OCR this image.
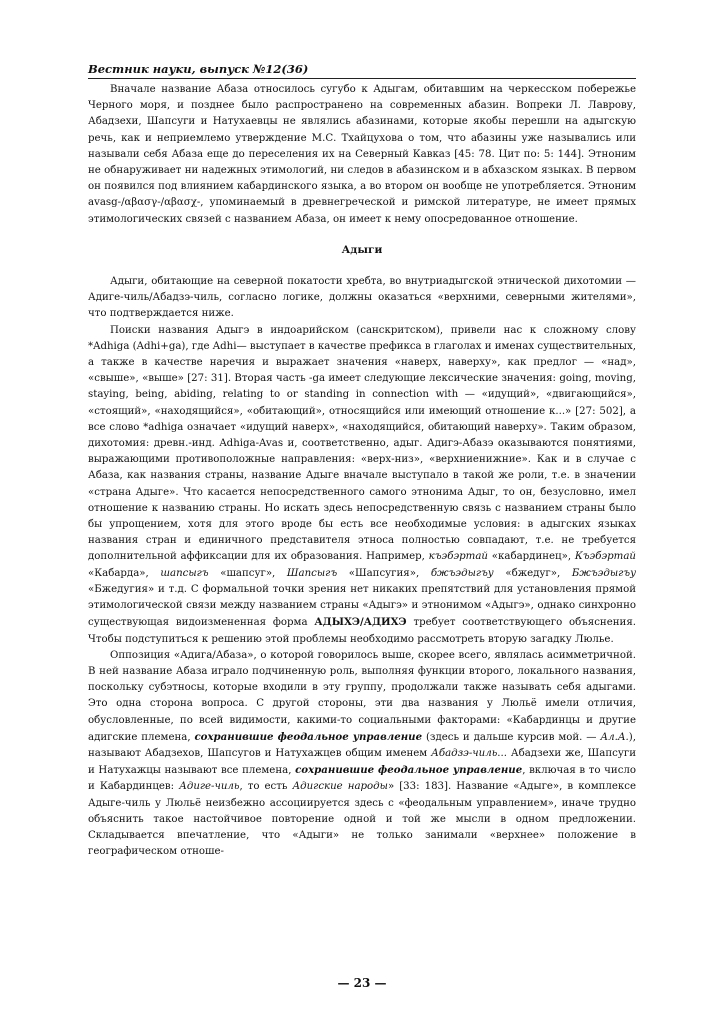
Вестник науки, выпуск №12(36)

Вначале название Абаза относилось сугубо к Адыгам, обитавшим на черкесском побережье Черного моря, и позднее было распространено на современных абазин. Вопреки Л. Лаврову, Абадзехи, Шапсуги и Натухаевцы не являлись абазинами, которые якобы перешли на адыгскую речь, как и неприемлемо утверждение М.С. Тхайцухова о том, что абазины уже назывались или называли себя Абаза еще до переселения их на Северный Кавказ [45: 78. Цит по: 5: 144]. Этноним не обнаруживает ни надежных этимологий, ни следов в абазинском и в абхазском языках. В первом он появился под влиянием кабардинского языка, а во втором он вообще не употребляется. Этноним avasg-/αβασγ-/αβασχ-, упоминаемый в древнегреческой и римской литературе, не имеет прямых этимологических связей с названием Абаза, он имеет к нему опосредованное отношение.

Адыги

Адыги, обитающие на северной покатости хребта, во внутриадыгской этнической дихотомии — Адиге-чиль/Абадзэ-чиль, согласно логике, должны оказаться «верхними, северными жителями», что подтверждается ниже.

Поиски названия Адыгэ в индоарийском (санскритском), привели нас к сложному слову *Adhiga (Adhi+ga), где Adhi— выступает в качестве префикса в глаголах и именах существительных, а также в качестве наречия и выражает значения «наверх, наверху», как предлог — «над», «свыше», «выше» [27: 31]. Вторая часть -ga имеет следующие лексические значения: going, moving, staying, being, abiding, relating to or standing in connection with — «идущий», «двигающийся», «стоящий», «находящийся», «обитающий», относящийся или имеющий отношение к...» [27: 502], а все слово *adhiga означает «идущий наверх», «находящийся, обитающий наверху». Таким образом, дихотомия: древн.-инд. Adhiga-Avas и, соответственно, адыг. Адигэ-Абазэ оказываются понятиями, выражающими противоположные направления: «верх-низ», «верхниенижние». Как и в случае с Абаза, как названия страны, название Адыге вначале выступало в такой же роли, т.е. в значении «страна Адыге». Что касается непосредственного самого этнонима Адыг, то он, безусловно, имел отношение к названию страны. Но искать здесь непосредственную связь с названием страны было бы упрощением, хотя для этого вроде бы есть все необходимые условия: в адыгских языках названия стран и единичного представителя этноса полностью совпадают, т.е. не требуется дополнительной аффиксации для их образования. Например, къэбэртай «кабардинец», Къэбэртай «Кабарда», шапсыгъ «шапсуг», Шапсыгъ «Шапсугия», бжъэдыгъу «бжедуг», Бжъэдыгъу «Бжедугия» и т.д. С формальной точки зрения нет никаких препятствий для установления прямой этимологической связи между названием страны «Адыгэ» и этнонимом «Адыгэ», однако синхронно существующая видоизмененная форма АДЫХЭ/АДИХЭ требует соответствующего объяснения. Чтобы подступиться к решению этой проблемы необходимо рассмотреть вторую загадку Люлье.

Оппозиция «Адига/Абаза», о которой говорилось выше, скорее всего, являлась асимметричной. В ней название Абаза играло подчиненную роль, выполняя функции второго, локального названия, поскольку субэтносы, которые входили в эту группу, продолжали также называть себя адыгами. Это одна сторона вопроса. С другой стороны, эти два названия у Люльё имели отличия, обусловленные, по всей видимости, какими-то социальными факторами: «Кабардинцы и другие адигские племена, сохранившие феодальное управление (здесь и дальше курсив мой. — Ал.А.), называют Абадзехов, Шапсугов и Натухажцев общим именем Абадзэ-чиль... Абадзехи же, Шапсуги и Натухажцы называют все племена, сохранившие феодальное управление, включая в то число и Кабардинцев: Адиге-чиль, то есть Адигские народы» [33: 183]. Название «Адыге», в комплексе Адыге-чиль у Люльё неизбежно ассоциируется здесь с «феодальным управлением», иначе трудно объяснить такое настойчивое повторение одной и той же мысли в одном предложении. Складывается впечатление, что «Адыги» не только занимали «верхнее» положение в географическом отноше-

— 23 —
